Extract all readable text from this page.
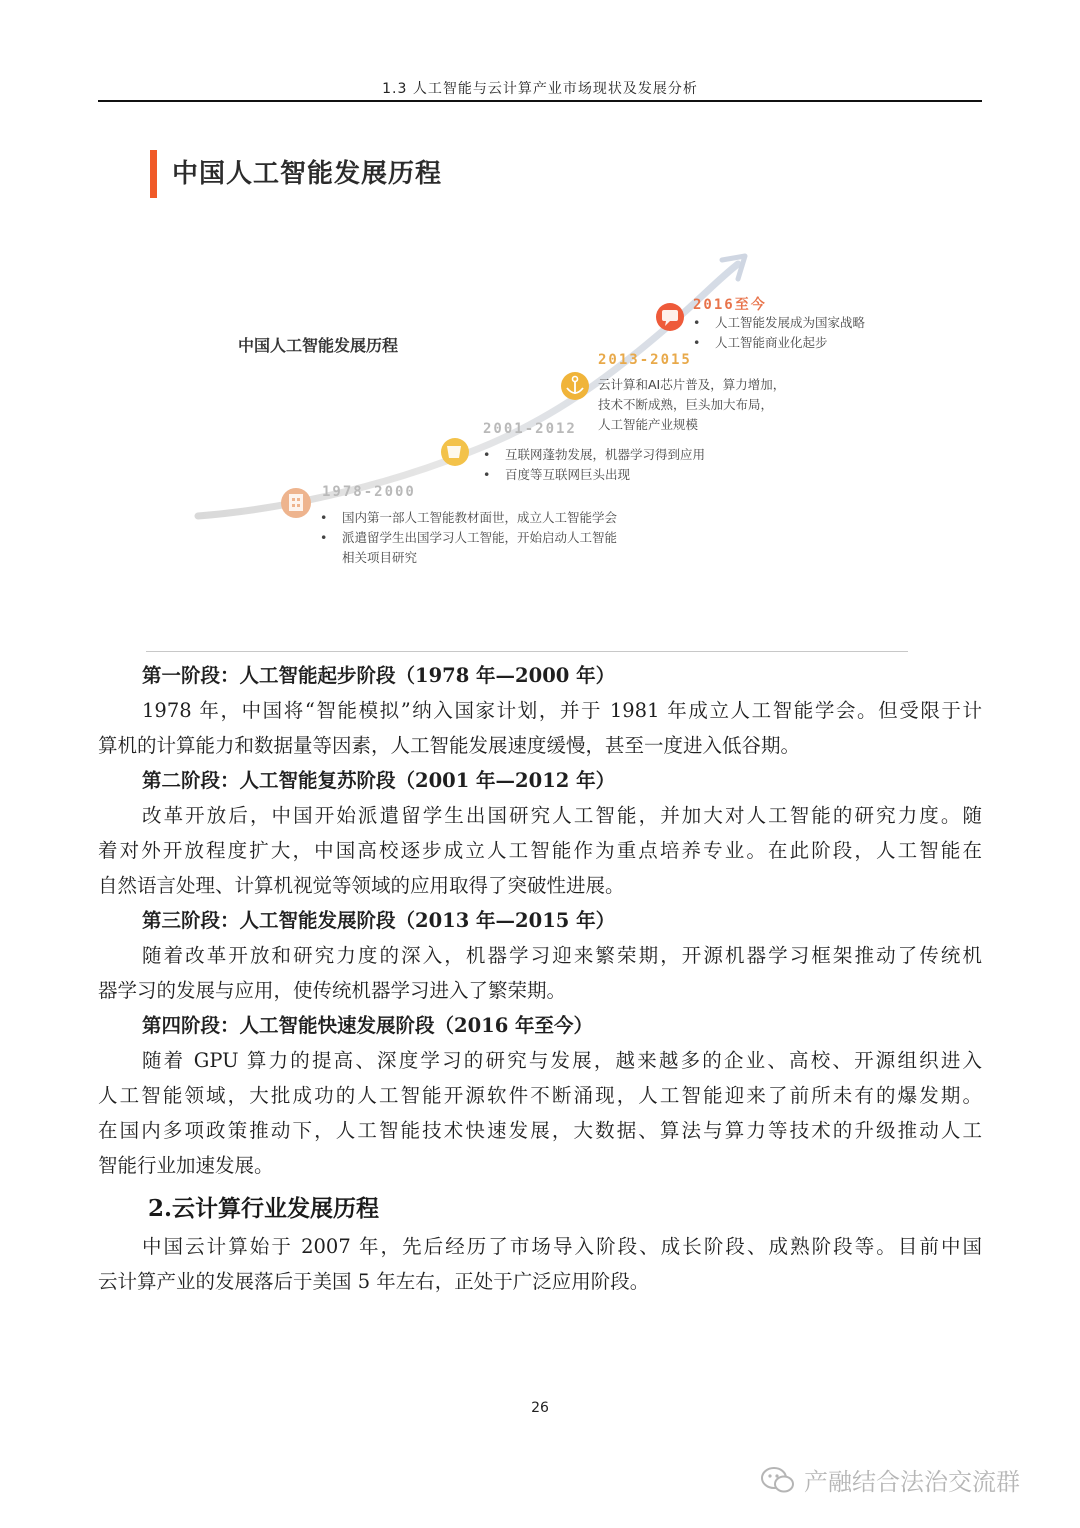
1.3 人工智能与云计算产业市场现状及发展分析
中国人工智能发展历程
中国人工智能发展历程
2016至今
• 人工智能发展成为国家战略
• 人工智能商业化起步
2013-2015
云计算和AI芯片普及，算力增加，
技术不断成熟，巨头加大布局，
人工智能产业规模
2001-2012
• 互联网蓬勃发展，机器学习得到应用
• 百度等互联网巨头出现
1978-2000
• 国内第一部人工智能教材面世，成立人工智能学会
• 派遣留学生出国学习人工智能，开始启动人工智能
相关项目研究
第一阶段：人工智能起步阶段（1978 年—2000 年）
1978 年，中国将“智能模拟”纳入国家计划，并于 1981 年成立人工智能学会。但受限于计
算机的计算能力和数据量等因素，人工智能发展速度缓慢，甚至一度进入低谷期。
第二阶段：人工智能复苏阶段（2001 年—2012 年）
改革开放后，中国开始派遣留学生出国研究人工智能，并加大对人工智能的研究力度。随
着对外开放程度扩大，中国高校逐步成立人工智能作为重点培养专业。在此阶段，人工智能在
自然语言处理、计算机视觉等领域的应用取得了突破性进展。
第三阶段：人工智能发展阶段（2013 年—2015 年）
随着改革开放和研究力度的深入，机器学习迎来繁荣期，开源机器学习框架推动了传统机
器学习的发展与应用，使传统机器学习进入了繁荣期。
第四阶段：人工智能快速发展阶段（2016 年至今）
随着 GPU 算力的提高、深度学习的研究与发展，越来越多的企业、高校、开源组织进入
人工智能领域，大批成功的人工智能开源软件不断涌现，人工智能迎来了前所未有的爆发期。
在国内多项政策推动下，人工智能技术快速发展，大数据、算法与算力等技术的升级推动人工
智能行业加速发展。
2.云计算行业发展历程
中国云计算始于 2007 年，先后经历了市场导入阶段、成长阶段、成熟阶段等。目前中国
云计算产业的发展落后于美国 5 年左右，正处于广泛应用阶段。
26
产融结合法治交流群
